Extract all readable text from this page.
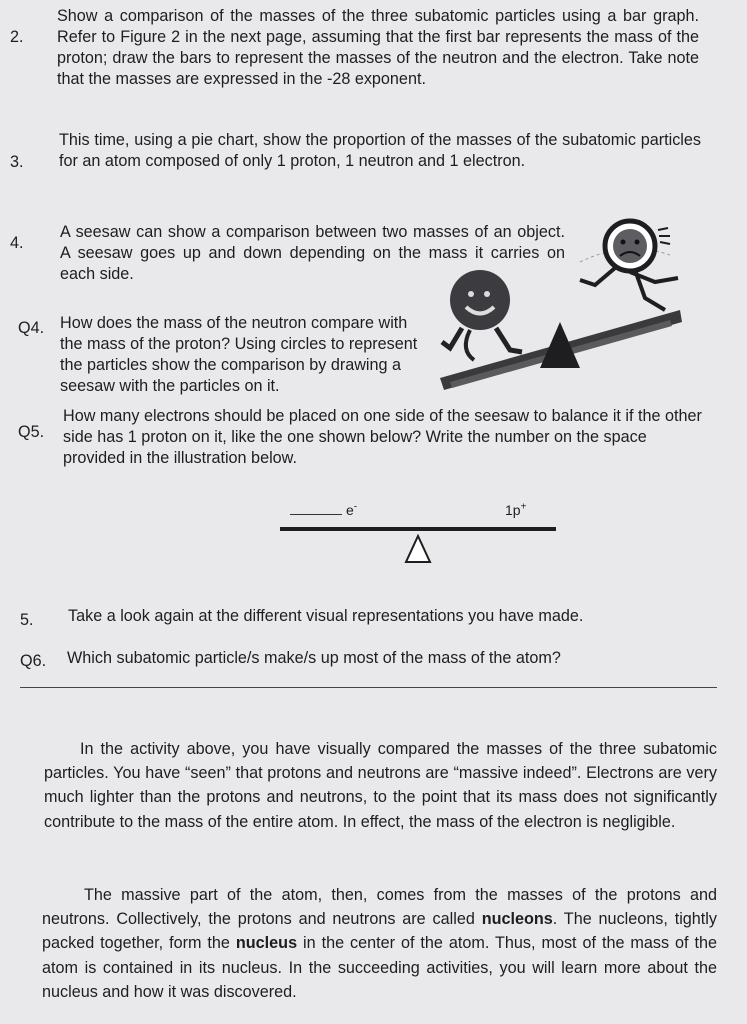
2.
Show a comparison of the masses of the three subatomic particles using a bar graph. Refer to Figure 2 in the next page, assuming that the first bar represents the mass of the proton; draw the bars to represent the masses of the neutron and the electron. Take note that the masses are expressed in the -28 exponent.
3.
This time, using a pie chart, show the proportion of the masses of the subatomic particles for an atom composed of only 1 proton, 1 neutron and 1 electron.
4.
A seesaw can show a comparison between two masses of an object. A seesaw goes up and down depending on the mass it carries on each side.
Q4. How does the mass of the neutron compare with the mass of the proton? Using circles to represent the particles show the comparison by drawing a seesaw with the particles on it.
Q5.
How many electrons should be placed on one side of the seesaw to balance it if the other side has 1 proton on it, like the one shown below? Write the number on the space provided in the illustration below.
e-	1p+
5. Take a look again at the different visual representations you have made.
Q6. Which subatomic particle/s make/s up most of the mass of the atom?
In the activity above, you have visually compared the masses of the three subatomic particles. You have “seen” that protons and neutrons are “massive indeed”. Electrons are very much lighter than the protons and neutrons, to the point that its mass does not significantly contribute to the mass of the entire atom. In effect, the mass of the electron is negligible.
The massive part of the atom, then, comes from the masses of the protons and neutrons. Collectively, the protons and neutrons are called nucleons. The nucleons, tightly packed together, form the nucleus in the center of the atom. Thus, most of the mass of the atom is contained in its nucleus. In the succeeding activities, you will learn more about the nucleus and how it was discovered.
